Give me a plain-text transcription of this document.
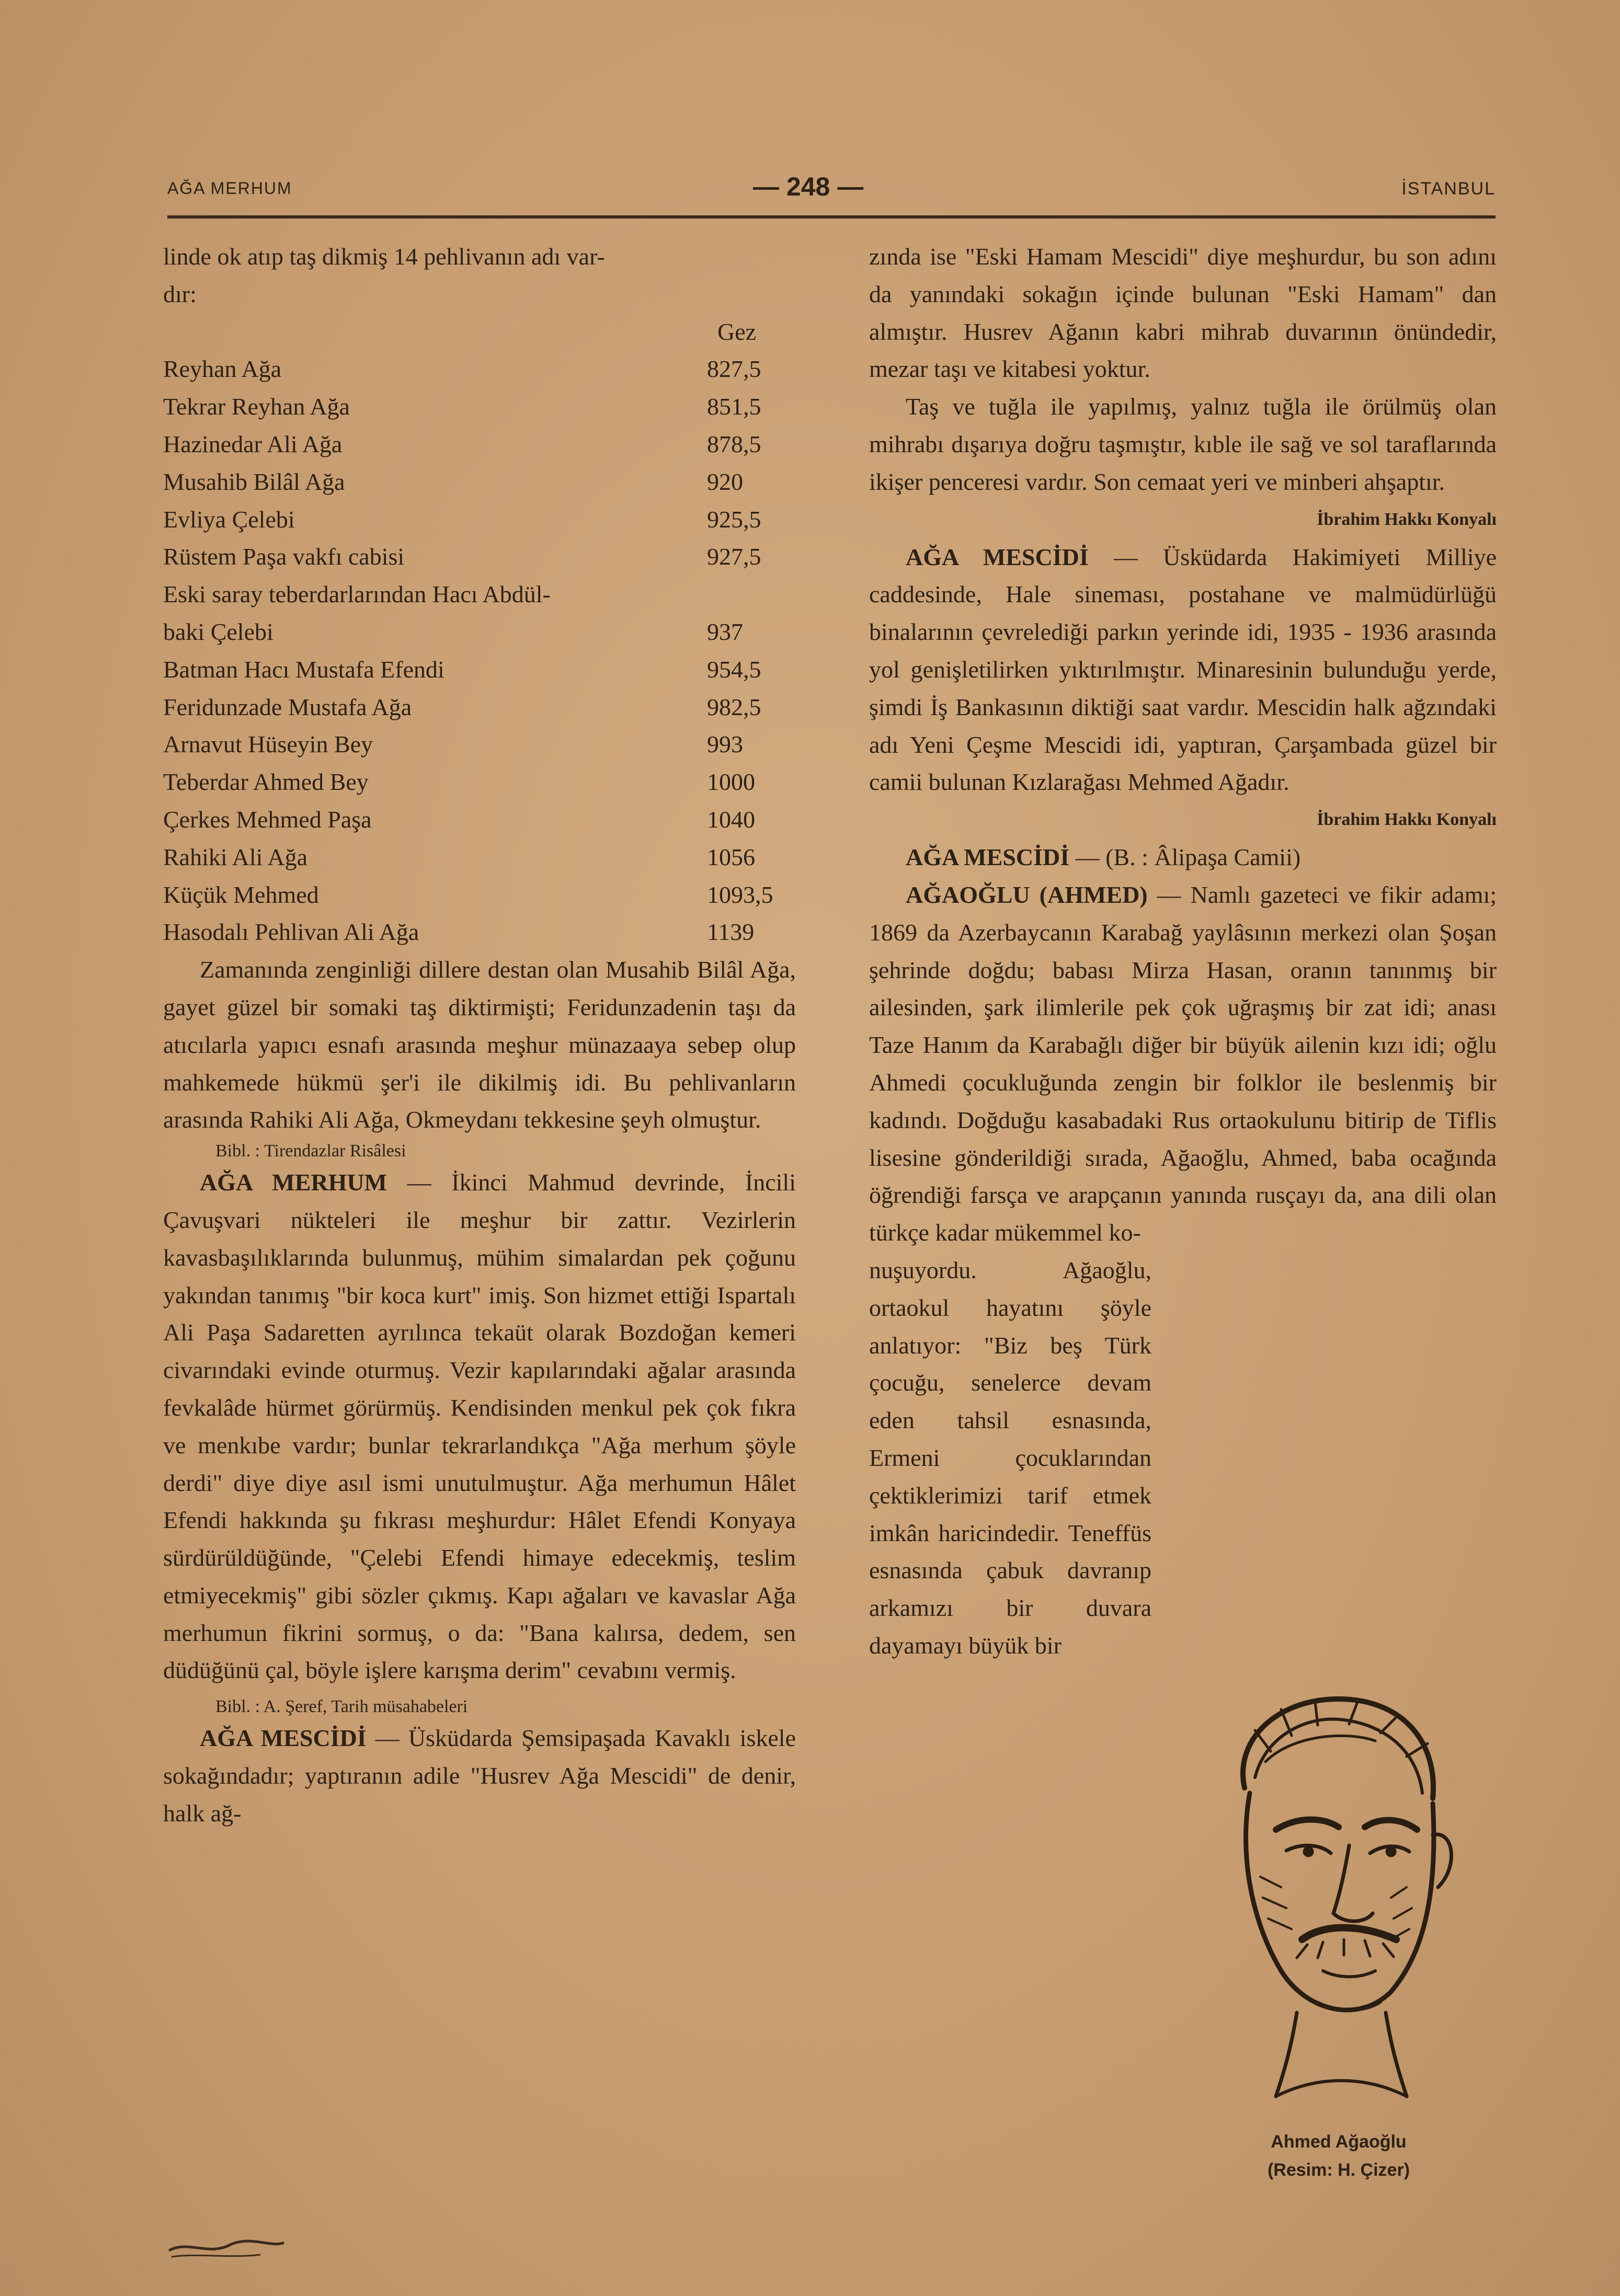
AĞA MERHUM	— 248 —	İSTANBUL
linde ok atıp taş dikmiş 14 pehlivanın adı var-
dır:
Gez
Reyhan Ağa	827,5
Tekrar Reyhan Ağa	851,5
Hazinedar Ali Ağa	878,5
Musahib Bilâl Ağa	920
Evliya Çelebi	925,5
Rüstem Paşa vakfı cabisi	927,5
Eski saray teberdarlarından Hacı Abdül-
baki Çelebi	937
Batman Hacı Mustafa Efendi	954,5
Feridunzade Mustafa Ağa	982,5
Arnavut Hüseyin Bey	993
Teberdar Ahmed Bey	1000
Çerkes Mehmed Paşa	1040
Rahiki Ali Ağa	1056
Küçük Mehmed	1093,5
Hasodalı Pehlivan Ali Ağa	1139

Zamanında zenginliği dillere destan olan Musahib Bilâl Ağa, gayet güzel bir somaki taş diktirmişti; Feridunzadenin taşı da atıcılarla yapıcı esnafı arasında meşhur münazaaya sebep olup mahkemede hükmü şer'i ile dikilmiş idi. Bu pehlivanların arasında Rahiki Ali Ağa, Okmeydanı tekkesine şeyh olmuştur.

Bibl. : Tirendazlar Risâlesi

AĞA MERHUM — İkinci Mahmud devrinde, İncili Çavuşvari nükteleri ile meşhur bir zattır. Vezirlerin kavasbaşılıklarında bulunmuş, mühim simalardan pek çoğunu yakından tanımış "bir koca kurt" imiş. Son hizmet ettiği Ispartalı Ali Paşa Sadaretten ayrılınca tekaüt olarak Bozdoğan kemeri civarındaki evinde oturmuş. Vezir kapılarındaki ağalar arasında fevkalâde hürmet görürmüş. Kendisinden menkul pek çok fıkra ve menkıbe vardır; bunlar tekrarlandıkça "Ağa merhum şöyle derdi" diye diye asıl ismi unutulmuştur. Ağa merhumun Hâlet Efendi hakkında şu fıkrası meşhurdur: Hâlet Efendi Konyaya sürdürüldüğünde, "Çelebi Efendi himaye edecekmiş, teslim etmiyecekmiş" gibi sözler çıkmış. Kapı ağaları ve kavaslar Ağa merhumun fikrini sormuş, o da: "Bana kalırsa, dedem, sen düdüğünü çal, böyle işlere karışma derim" cevabını vermiş.

Bibl. : A. Şeref, Tarih müsahabeleri

AĞA MESCİDİ — Üsküdarda Şemsipaşada Kavaklı iskele sokağındadır; yaptıranın adile "Husrev Ağa Mescidi" de denir, halk ağ-

zında ise "Eski Hamam Mescidi" diye meşhurdur, bu son adını da yanındaki sokağın içinde bulunan "Eski Hamam" dan almıştır. Husrev Ağanın kabri mihrab duvarının önündedir, mezar taşı ve kitabesi yoktur.

Taş ve tuğla ile yapılmış, yalnız tuğla ile örülmüş olan mihrabı dışarıya doğru taşmıştır, kıble ile sağ ve sol taraflarında ikişer penceresi vardır. Son cemaat yeri ve minberi ahşaptır.

İbrahim Hakkı Konyalı

AĞA MESCİDİ — Üsküdarda Hakimiyeti Milliye caddesinde, Hale sineması, postahane ve malmüdürlüğü binalarının çevrelediği parkın yerinde idi, 1935 - 1936 arasında yol genişletilirken yıktırılmıştır. Minaresinin bulunduğu yerde, şimdi İş Bankasının diktiği saat vardır. Mescidin halk ağzındaki adı Yeni Çeşme Mescidi idi, yaptıran, Çarşambada güzel bir camii bulunan Kızlarağası Mehmed Ağadır.

İbrahim Hakkı Konyalı

AĞA MESCİDİ — (B. : Âlipaşa Camii)

AĞAOĞLU (AHMED) — Namlı gazeteci ve fikir adamı; 1869 da Azerbaycanın Karabağ yaylâsının merkezi olan Şoşan şehrinde doğdu; babası Mirza Hasan, oranın tanınmış bir ailesinden, şark ilimlerile pek çok uğraşmış bir zat idi; anası Taze Hanım da Karabağlı diğer bir büyük ailenin kızı idi; oğlu Ahmedi çocukluğunda zengin bir folklor ile beslenmiş bir kadındı. Doğduğu kasabadaki Rus ortaokulunu bitirip de Tiflis lisesine gönderildiği sırada, Ağaoğlu, Ahmed, baba ocağında öğrendiği farsça ve arapçanın yanında rusçayı da, ana dili olan türkçe kadar mükemmel ko-

nuşuyordu. Ağaoğlu, ortaokul hayatını şöyle anlatıyor: "Biz beş Türk çocuğu, senelerce devam eden tahsil esnasında, Ermeni çocuklarından çektiklerimizi tarif etmek imkân haricindedir. Teneffüs esnasında çabuk davranıp arkamızı bir duvara dayamayı büyük bir

Ahmed Ağaoğlu
(Resim: H. Çizer)
